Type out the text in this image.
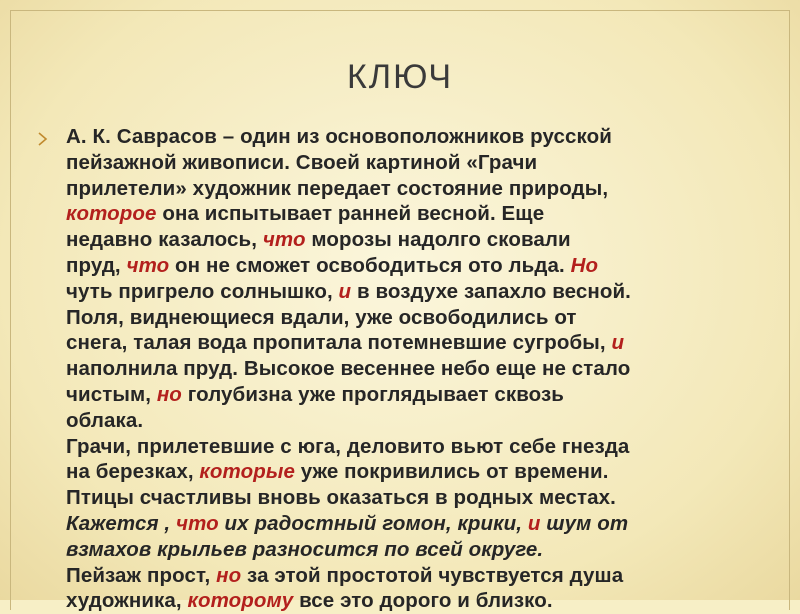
КЛЮЧ

А. К. Саврасов – один из основоположников русской
пейзажной живописи. Своей картиной «Грачи
прилетели» художник передает состояние природы,
которое она испытывает ранней весной. Еще
недавно казалось, что морозы надолго сковали
пруд, что он не сможет освободиться ото льда. Но
чуть пригрело солнышко, и в воздухе запахло весной.
Поля, виднеющиеся вдали, уже освободились от
снега, талая вода пропитала потемневшие сугробы, и
наполнила пруд. Высокое весеннее небо еще не стало
чистым, но голубизна уже проглядывает сквозь
облака.
Грачи, прилетевшие с юга, деловито вьют себе гнезда
на березках, которые уже покривились от времени.
Птицы счастливы вновь оказаться в родных местах.
Кажется , что их радостный гомон, крики, и шум от
взмахов крыльев разносится по всей округе.
Пейзаж прост, но за этой простотой чувствуется душа
художника, которому все это дорого и близко.
